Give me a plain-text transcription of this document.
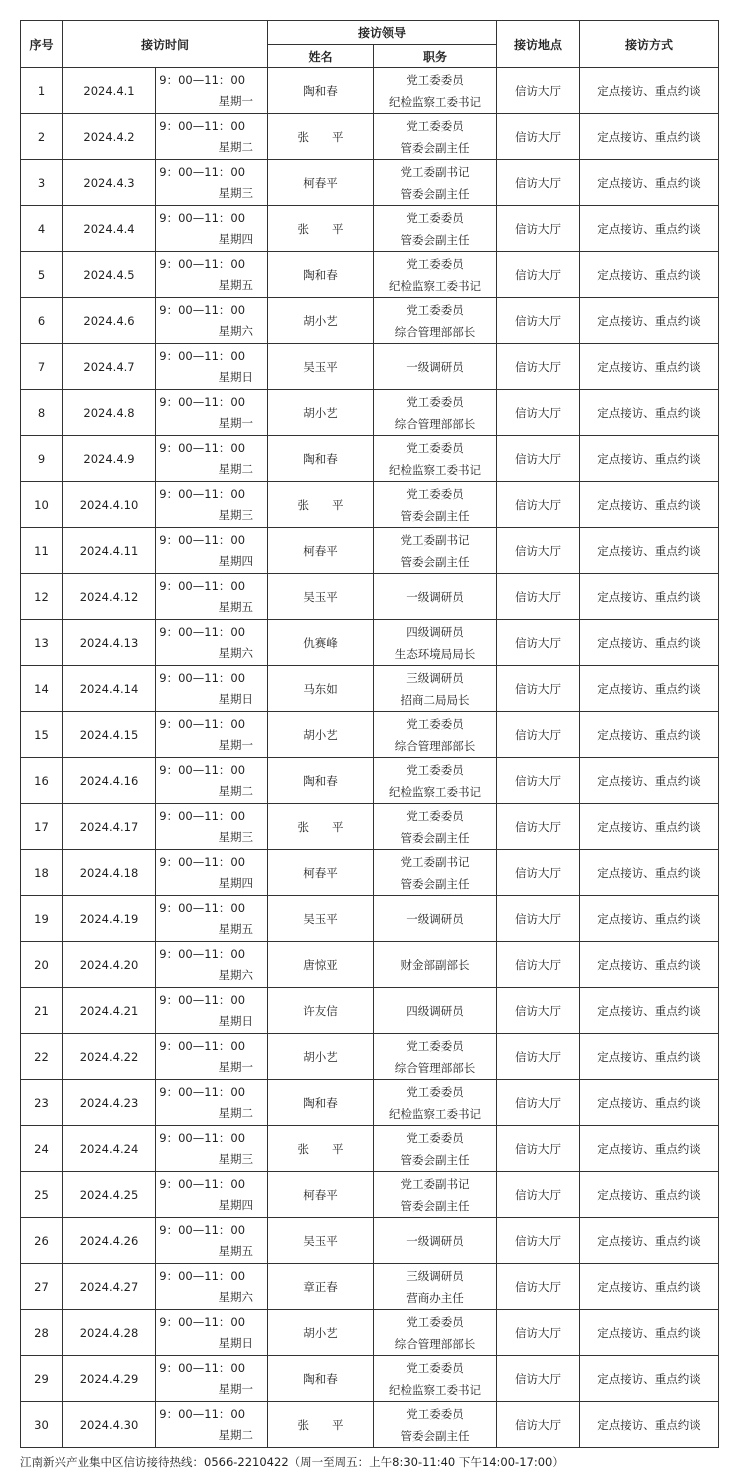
序号	接访时间		接访领导		接访地点	接访方式
			姓名	职务		
1	2024.4.1	9：00—11：00
星期一	陶和春	党工委委员
纪检监察工委书记	信访大厅	定点接访、重点约谈
2	2024.4.2	9：00—11：00
星期二	张　　平	党工委委员
管委会副主任	信访大厅	定点接访、重点约谈
3	2024.4.3	9：00—11：00
星期三	柯春平	党工委副书记
管委会副主任	信访大厅	定点接访、重点约谈
4	2024.4.4	9：00—11：00
星期四	张　　平	党工委委员
管委会副主任	信访大厅	定点接访、重点约谈
5	2024.4.5	9：00—11：00
星期五	陶和春	党工委委员
纪检监察工委书记	信访大厅	定点接访、重点约谈
6	2024.4.6	9：00—11：00
星期六	胡小艺	党工委委员
综合管理部部长	信访大厅	定点接访、重点约谈
7	2024.4.7	9：00—11：00
星期日	吴玉平	一级调研员	信访大厅	定点接访、重点约谈
8	2024.4.8	9：00—11：00
星期一	胡小艺	党工委委员
综合管理部部长	信访大厅	定点接访、重点约谈
9	2024.4.9	9：00—11：00
星期二	陶和春	党工委委员
纪检监察工委书记	信访大厅	定点接访、重点约谈
10	2024.4.10	9：00—11：00
星期三	张　　平	党工委委员
管委会副主任	信访大厅	定点接访、重点约谈
11	2024.4.11	9：00—11：00
星期四	柯春平	党工委副书记
管委会副主任	信访大厅	定点接访、重点约谈
12	2024.4.12	9：00—11：00
星期五	吴玉平	一级调研员	信访大厅	定点接访、重点约谈
13	2024.4.13	9：00—11：00
星期六	仇赛峰	四级调研员
生态环境局局长	信访大厅	定点接访、重点约谈
14	2024.4.14	9：00—11：00
星期日	马东如	三级调研员
招商二局局长	信访大厅	定点接访、重点约谈
15	2024.4.15	9：00—11：00
星期一	胡小艺	党工委委员
综合管理部部长	信访大厅	定点接访、重点约谈
16	2024.4.16	9：00—11：00
星期二	陶和春	党工委委员
纪检监察工委书记	信访大厅	定点接访、重点约谈
17	2024.4.17	9：00—11：00
星期三	张　　平	党工委委员
管委会副主任	信访大厅	定点接访、重点约谈
18	2024.4.18	9：00—11：00
星期四	柯春平	党工委副书记
管委会副主任	信访大厅	定点接访、重点约谈
19	2024.4.19	9：00—11：00
星期五	吴玉平	一级调研员	信访大厅	定点接访、重点约谈
20	2024.4.20	9：00—11：00
星期六	唐惊亚	财金部副部长	信访大厅	定点接访、重点约谈
21	2024.4.21	9：00—11：00
星期日	许友信	四级调研员	信访大厅	定点接访、重点约谈
22	2024.4.22	9：00—11：00
星期一	胡小艺	党工委委员
综合管理部部长	信访大厅	定点接访、重点约谈
23	2024.4.23	9：00—11：00
星期二	陶和春	党工委委员
纪检监察工委书记	信访大厅	定点接访、重点约谈
24	2024.4.24	9：00—11：00
星期三	张　　平	党工委委员
管委会副主任	信访大厅	定点接访、重点约谈
25	2024.4.25	9：00—11：00
星期四	柯春平	党工委副书记
管委会副主任	信访大厅	定点接访、重点约谈
26	2024.4.26	9：00—11：00
星期五	吴玉平	一级调研员	信访大厅	定点接访、重点约谈
27	2024.4.27	9：00—11：00
星期六	章正春	三级调研员
营商办主任	信访大厅	定点接访、重点约谈
28	2024.4.28	9：00—11：00
星期日	胡小艺	党工委委员
综合管理部部长	信访大厅	定点接访、重点约谈
29	2024.4.29	9：00—11：00
星期一	陶和春	党工委委员
纪检监察工委书记	信访大厅	定点接访、重点约谈
30	2024.4.30	9：00—11：00
星期二	张　　平	党工委委员
管委会副主任	信访大厅	定点接访、重点约谈
江南新兴产业集中区信访接待热线：0566-2210422（周一至周五：上午8:30-11:40 下午14:00-17:00）
